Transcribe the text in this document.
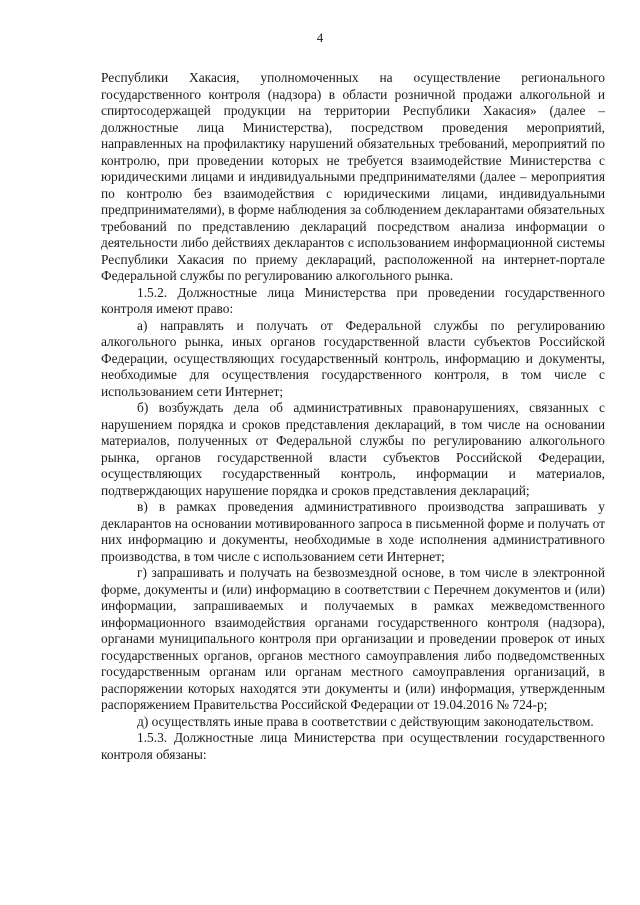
4

Республики Хакасия, уполномоченных на осуществление регионального государственного контроля (надзора) в области розничной продажи алкогольной и спиртосодержащей продукции на территории Республики Хакасия» (далее – должностные лица Министерства), посредством проведения мероприятий, направленных на профилактику нарушений обязательных требований, мероприятий по контролю, при проведении которых не требуется взаимодействие Министерства с юридическими лицами и индивидуальными предпринимателями (далее – мероприятия по контролю без взаимодействия с юридическими лицами, индивидуальными предпринимателями), в форме наблюдения за соблюдением декларантами обязательных требований по представлению деклараций посредством анализа информации о деятельности либо действиях декларантов с использованием информационной системы Республики Хакасия по приему деклараций, расположенной на интернет-портале Федеральной службы по регулированию алкогольного рынка.

1.5.2. Должностные лица Министерства при проведении государственного контроля имеют право:

а) направлять и получать от Федеральной службы по регулированию алкогольного рынка, иных органов государственной власти субъектов Российской Федерации, осуществляющих государственный контроль, информацию и документы, необходимые для осуществления государственного контроля, в том числе с использованием сети Интернет;

б) возбуждать дела об административных правонарушениях, связанных с нарушением порядка и сроков представления деклараций, в том числе на основании материалов, полученных от Федеральной службы по регулированию алкогольного рынка, органов государственной власти субъектов Российской Федерации, осуществляющих государственный контроль, информации и материалов, подтверждающих нарушение порядка и сроков представления деклараций;

в) в рамках проведения административного производства запрашивать у декларантов на основании мотивированного запроса в письменной форме и получать от них информацию и документы, необходимые в ходе исполнения административного производства, в том числе с использованием сети Интернет;

г) запрашивать и получать на безвозмездной основе, в том числе в электронной форме, документы и (или) информацию в соответствии с Перечнем документов и (или) информации, запрашиваемых и получаемых в рамках межведомственного информационного взаимодействия органами государственного контроля (надзора), органами муниципального контроля при организации и проведении проверок от иных государственных органов, органов местного самоуправления либо подведомственных государственным органам или органам местного самоуправления организаций, в распоряжении которых находятся эти документы и (или) информация, утвержденным распоряжением Правительства Российской Федерации от 19.04.2016 № 724-р;

д) осуществлять иные права в соответствии с действующим законодательством.

1.5.3. Должностные лица Министерства при осуществлении государственного контроля обязаны:
